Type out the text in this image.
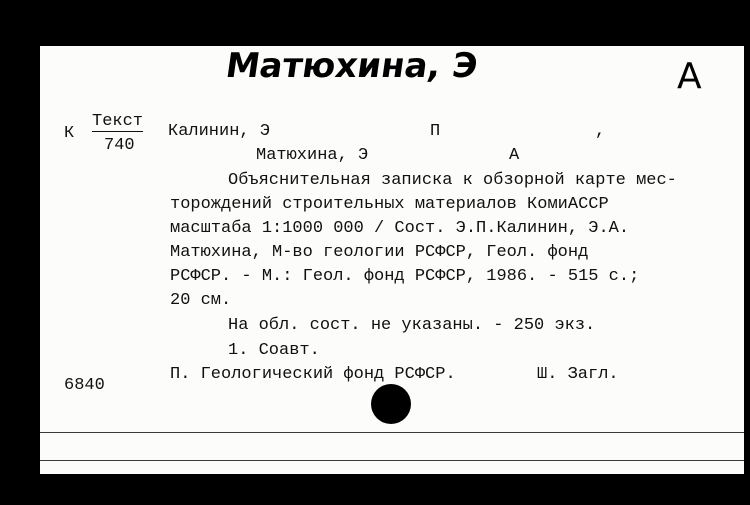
Матюхина, Э	А
К
Текст
740
Калинин, Э	П	,
Матюхина, Э	А
Объяснительная записка к обзорной карте мес-
торождений строительных материалов КомиАССР
масштаба 1:1000 000 / Сост. Э.П.Калинин, Э.А.
Матюхина, М-во геологии РСФСР, Геол. фонд
РСФСР. - М.: Геол. фонд РСФСР, 1986. - 515 с.;
20 см.
На обл. сост. не указаны. - 250 экз.
1. Соавт.
6840
П. Геологический фонд РСФСР.	Ш. Загл.
